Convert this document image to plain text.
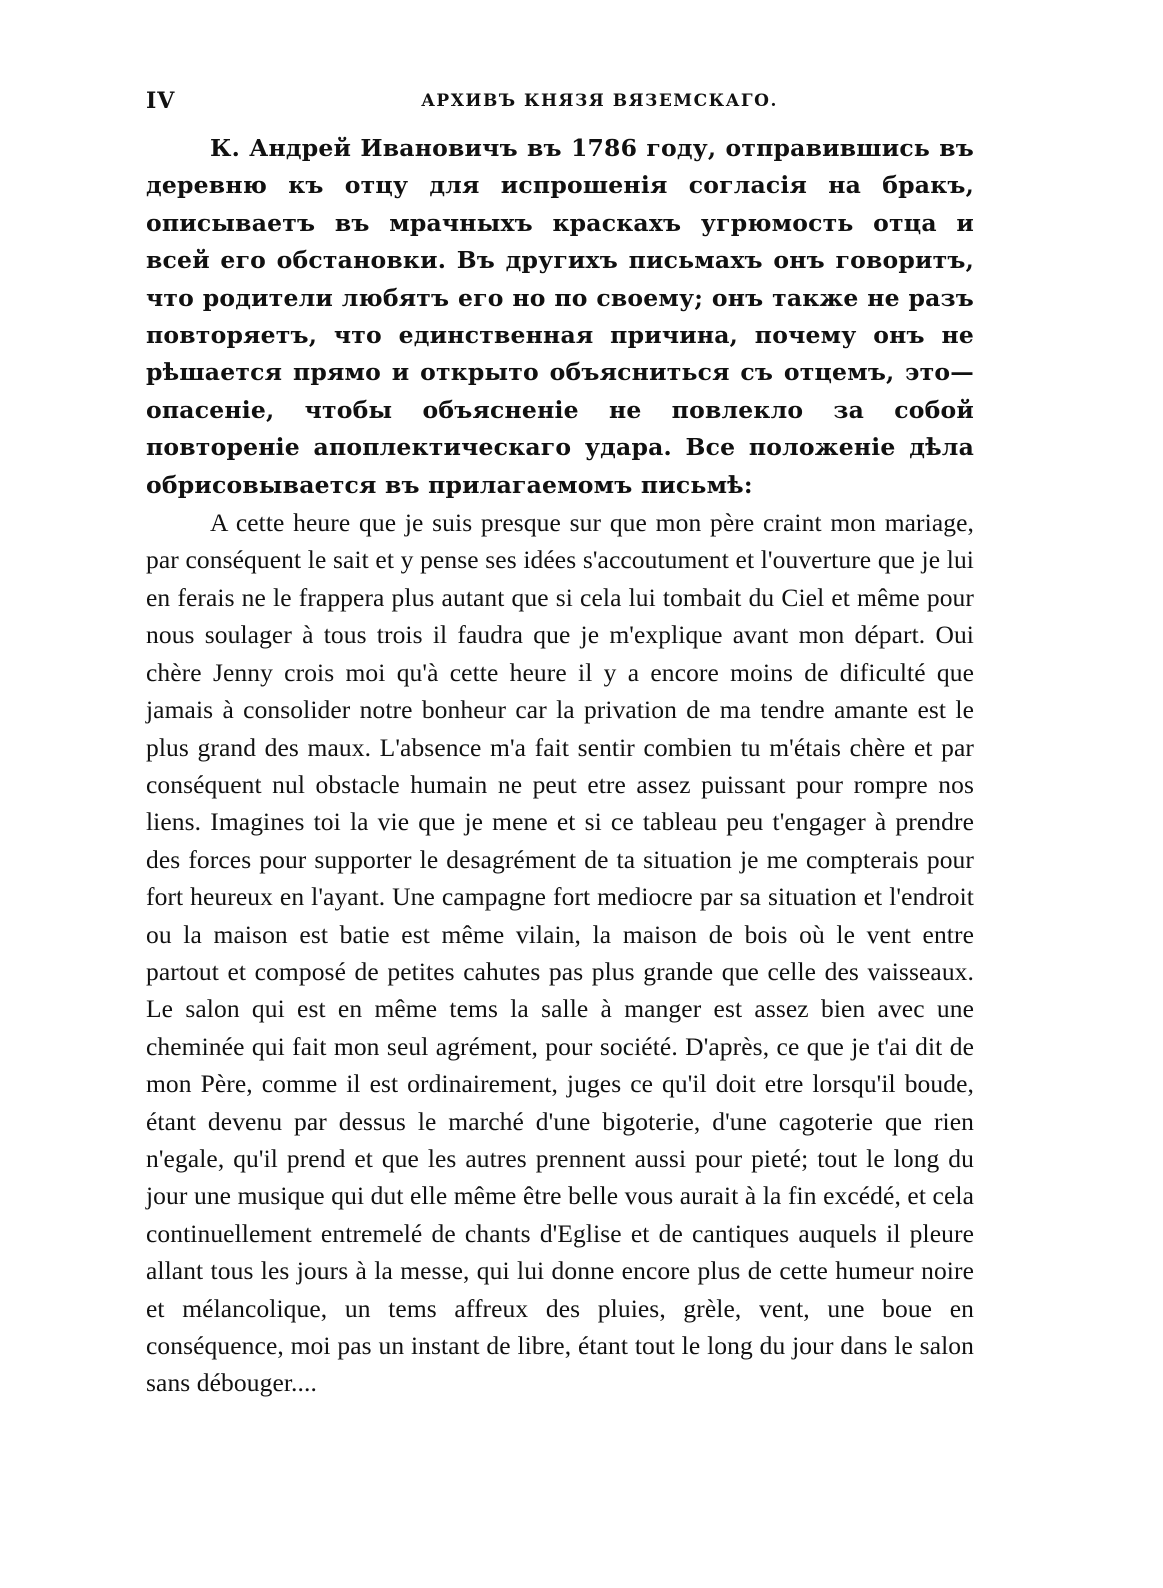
IV	АРХИВЪ КНЯЗЯ ВЯЗЕМСКАГО.

К. Андрей Ивановичъ въ 1786 году, отправившись въ деревню къ отцу для испрошенія согласія на бракъ, описываетъ въ мрачныхъ краскахъ угрюмость отца и всей его обстановки. Въ другихъ письмахъ онъ говоритъ, что родители любятъ его но по своему; онъ также не разъ повторяетъ, что единственная причина, почему онъ не рѣшается прямо и открыто объясниться съ отцемъ, это—опасеніе, чтобы объясненіе не повлекло за собой повтореніе апоплектическаго удара. Все положеніе дѣла обрисовывается въ прилагаемомъ письмѣ:

A cette heure que je suis presque sur que mon père craint mon mariage, par conséquent le sait et y pense ses idées s'accoutument et l'ouverture que je lui en ferais ne le frappera plus autant que si cela lui tombait du Ciel et même pour nous soulager à tous trois il faudra que je m'explique avant mon départ. Oui chère Jenny crois moi qu'à cette heure il y a encore moins de dificulté que jamais à consolider notre bonheur car la privation de ma tendre amante est le plus grand des maux. L'absence m'a fait sentir combien tu m'étais chère et par conséquent nul obstacle humain ne peut etre assez puissant pour rompre nos liens. Imagines toi la vie que je mene et si ce tableau peu t'engager à prendre des forces pour supporter le desagrément de ta situation je me compterais pour fort heureux en l'ayant. Une campagne fort mediocre par sa situation et l'endroit ou la maison est batie est même vilain, la maison de bois où le vent entre partout et composé de petites cahutes pas plus grande que celle des vaisseaux. Le salon qui est en même tems la salle à manger est assez bien avec une cheminée qui fait mon seul agrément, pour société. D'après, ce que je t'ai dit de mon Père, comme il est ordinairement, juges ce qu'il doit etre lorsqu'il boude, étant devenu par dessus le marché d'une bigoterie, d'une cagoterie que rien n'egale, qu'il prend et que les autres prennent aussi pour pieté; tout le long du jour une musique qui dut elle même être belle vous aurait à la fin excédé, et cela continuellement entremelé de chants d'Eglise et de cantiques auquels il pleure allant tous les jours à la messe, qui lui donne encore plus de cette humeur noire et mélancolique, un tems affreux des pluies, grèle, vent, une boue en conséquence, moi pas un instant de libre, étant tout le long du jour dans le salon sans débouger....
